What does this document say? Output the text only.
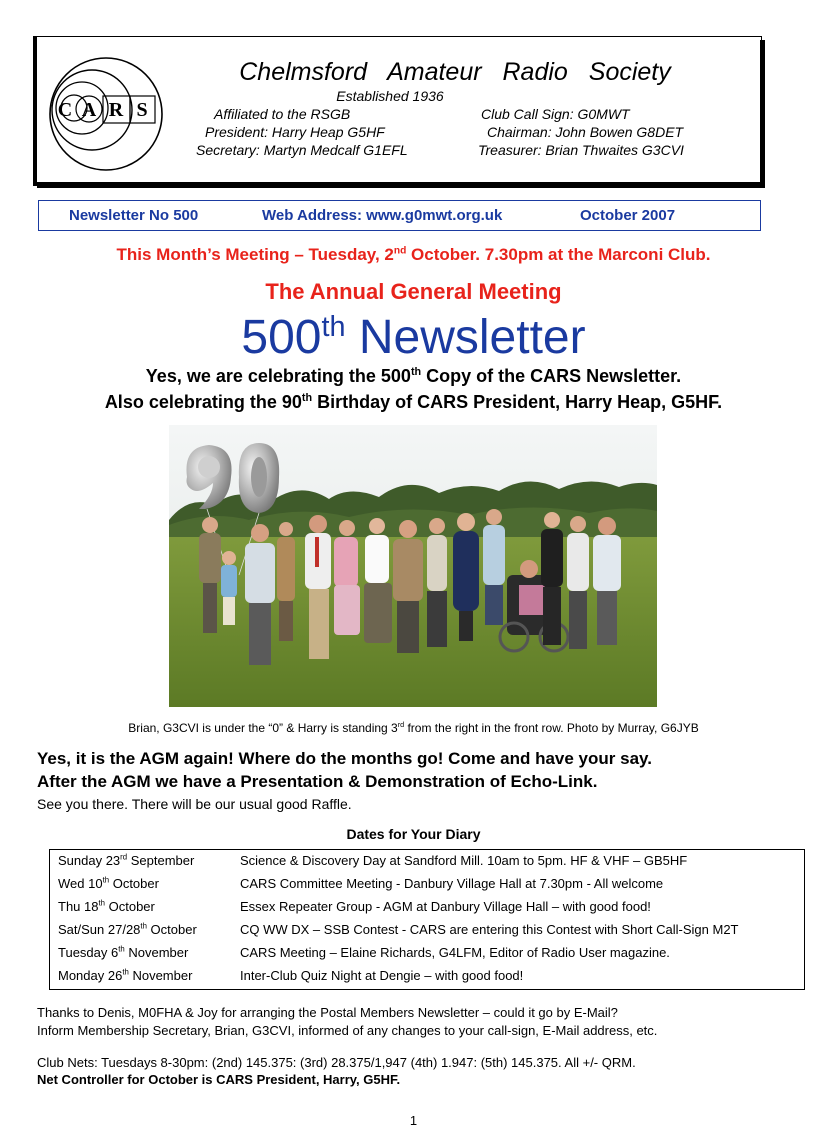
C A R S
Chelmsford Amateur Radio Society
Established 1936
Affiliated to the RSGB	Club Call Sign: G0MWT
President: Harry Heap G5HF	Chairman: John Bowen G8DET
Secretary: Martyn Medcalf G1EFL	Treasurer: Brian Thwaites G3CVI
Newsletter No 500	Web Address: www.g0mwt.org.uk	October 2007
This Month’s Meeting – Tuesday, 2nd October. 7.30pm at the Marconi Club.
The Annual General Meeting
500th Newsletter
Yes, we are celebrating the 500th Copy of the CARS Newsletter.
Also celebrating the 90th Birthday of CARS President, Harry Heap, G5HF.
Brian, G3CVI is under the “0” & Harry is standing 3rd from the right in the front row. Photo by Murray, G6JYB
Yes, it is the AGM again! Where do the months go! Come and have your say.
After the AGM we have a Presentation & Demonstration of Echo-Link.
See you there. There will be our usual good Raffle.
Dates for Your Diary
Sunday 23rd September	Science & Discovery Day at Sandford Mill. 10am to 5pm. HF & VHF – GB5HF
Wed 10th October	CARS Committee Meeting - Danbury Village Hall at 7.30pm - All welcome
Thu 18th October	Essex Repeater Group - AGM at Danbury Village Hall – with good food!
Sat/Sun 27/28th October	CQ WW DX – SSB Contest - CARS are entering this Contest with Short Call-Sign M2T
Tuesday 6th November	CARS Meeting – Elaine Richards, G4LFM, Editor of Radio User magazine.
Monday 26th November	Inter-Club Quiz Night at Dengie – with good food!
Thanks to Denis, M0FHA & Joy for arranging the Postal Members Newsletter – could it go by E-Mail?
Inform Membership Secretary, Brian, G3CVI, informed of any changes to your call-sign, E-Mail address, etc.
Club Nets: Tuesdays 8-30pm: (2nd) 145.375: (3rd) 28.375/1,947 (4th) 1.947: (5th) 145.375. All +/- QRM.
Net Controller for October is CARS President, Harry, G5HF.
1
